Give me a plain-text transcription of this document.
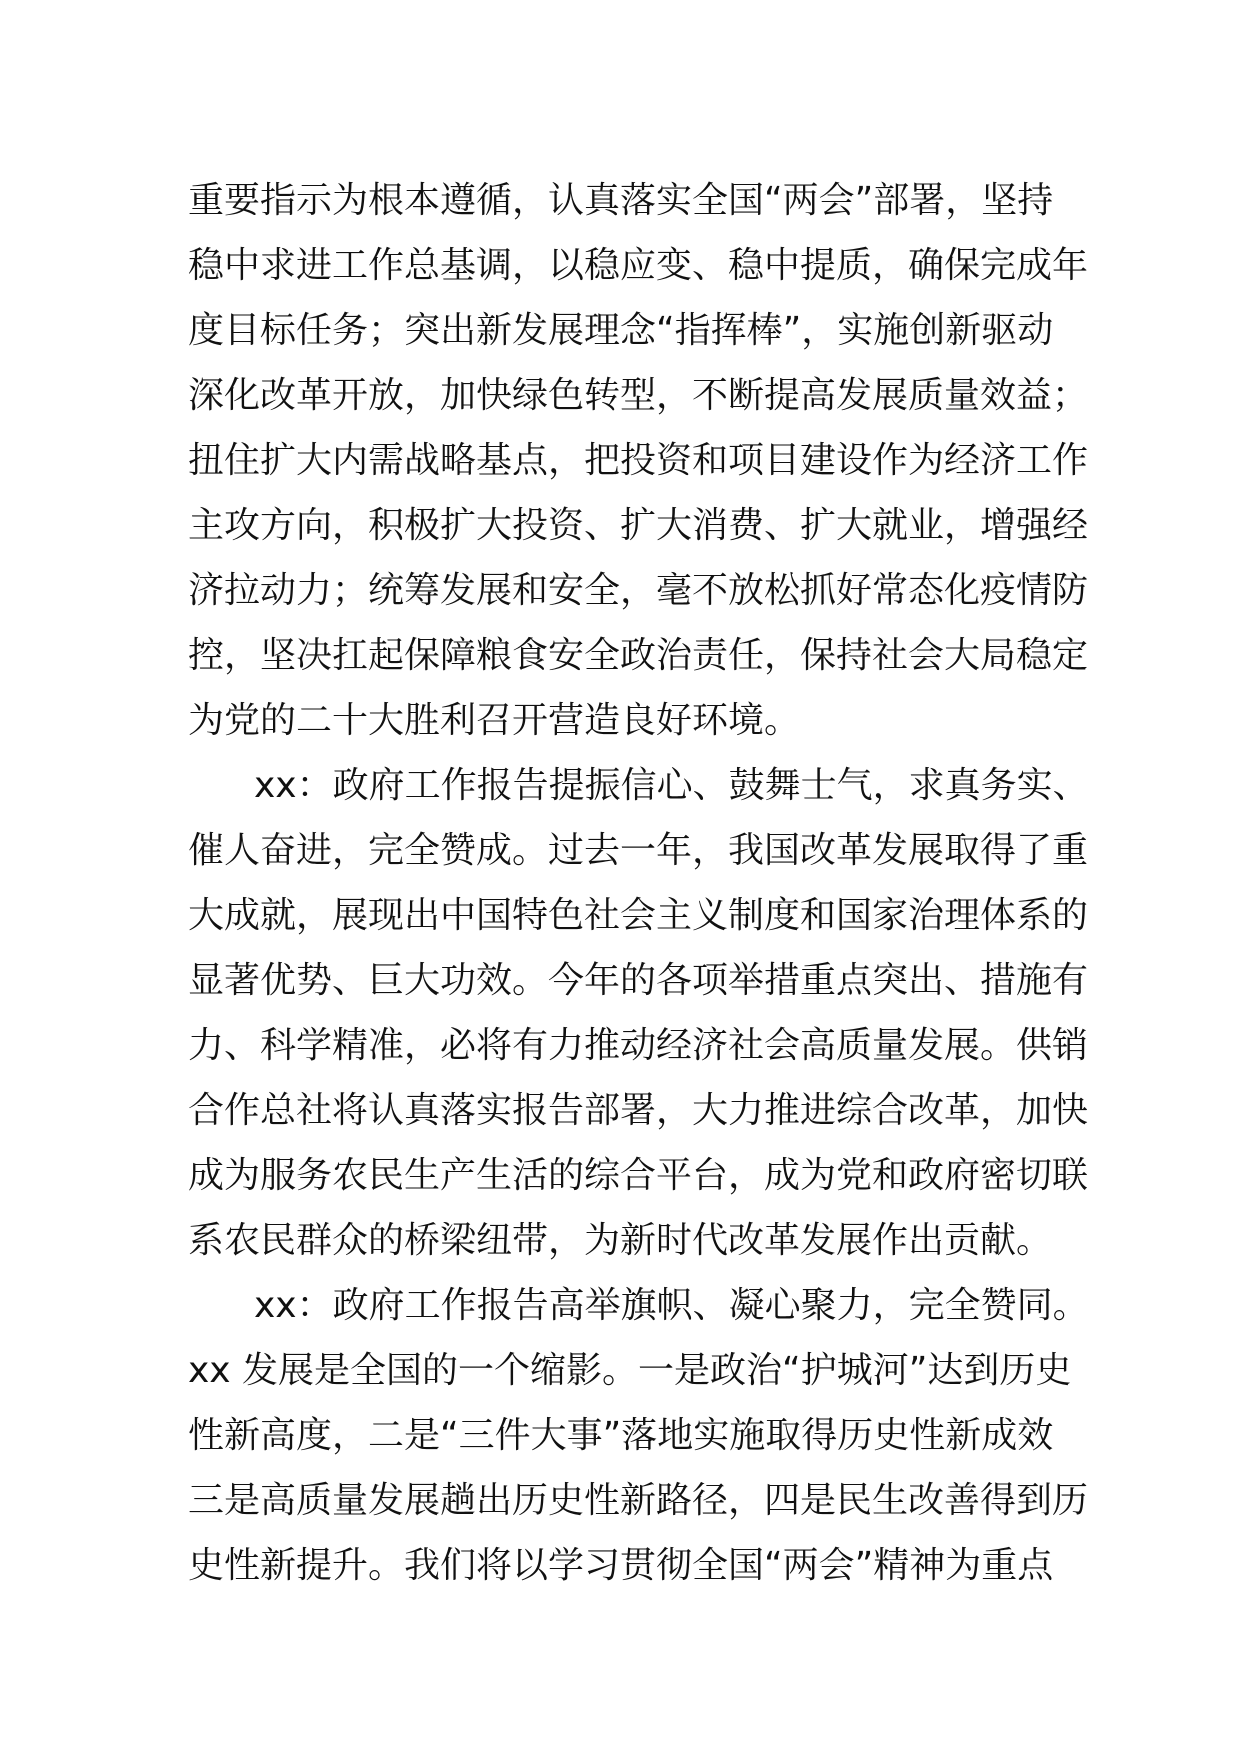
重要指示为根本遵循，认真落实全国“两会”部署，坚持
稳中求进工作总基调，以稳应变、稳中提质，确保完成年
度目标任务；突出新发展理念“指挥棒”，实施创新驱动
深化改革开放，加快绿色转型，不断提高发展质量效益；
扭住扩大内需战略基点，把投资和项目建设作为经济工作
主攻方向，积极扩大投资、扩大消费、扩大就业，增强经
济拉动力；统筹发展和安全，毫不放松抓好常态化疫情防
控，坚决扛起保障粮食安全政治责任，保持社会大局稳定
为党的二十大胜利召开营造良好环境。
xx：政府工作报告提振信心、鼓舞士气，求真务实、
催人奋进，完全赞成。过去一年，我国改革发展取得了重
大成就，展现出中国特色社会主义制度和国家治理体系的
显著优势、巨大功效。今年的各项举措重点突出、措施有
力、科学精准，必将有力推动经济社会高质量发展。供销
合作总社将认真落实报告部署，大力推进综合改革，加快
成为服务农民生产生活的综合平台，成为党和政府密切联
系农民群众的桥梁纽带，为新时代改革发展作出贡献。
xx：政府工作报告高举旗帜、凝心聚力，完全赞同。
xx 发展是全国的一个缩影。一是政治“护城河”达到历史
性新高度，二是“三件大事”落地实施取得历史性新成效
三是高质量发展趟出历史性新路径，四是民生改善得到历
史性新提升。我们将以学习贯彻全国“两会”精神为重点
